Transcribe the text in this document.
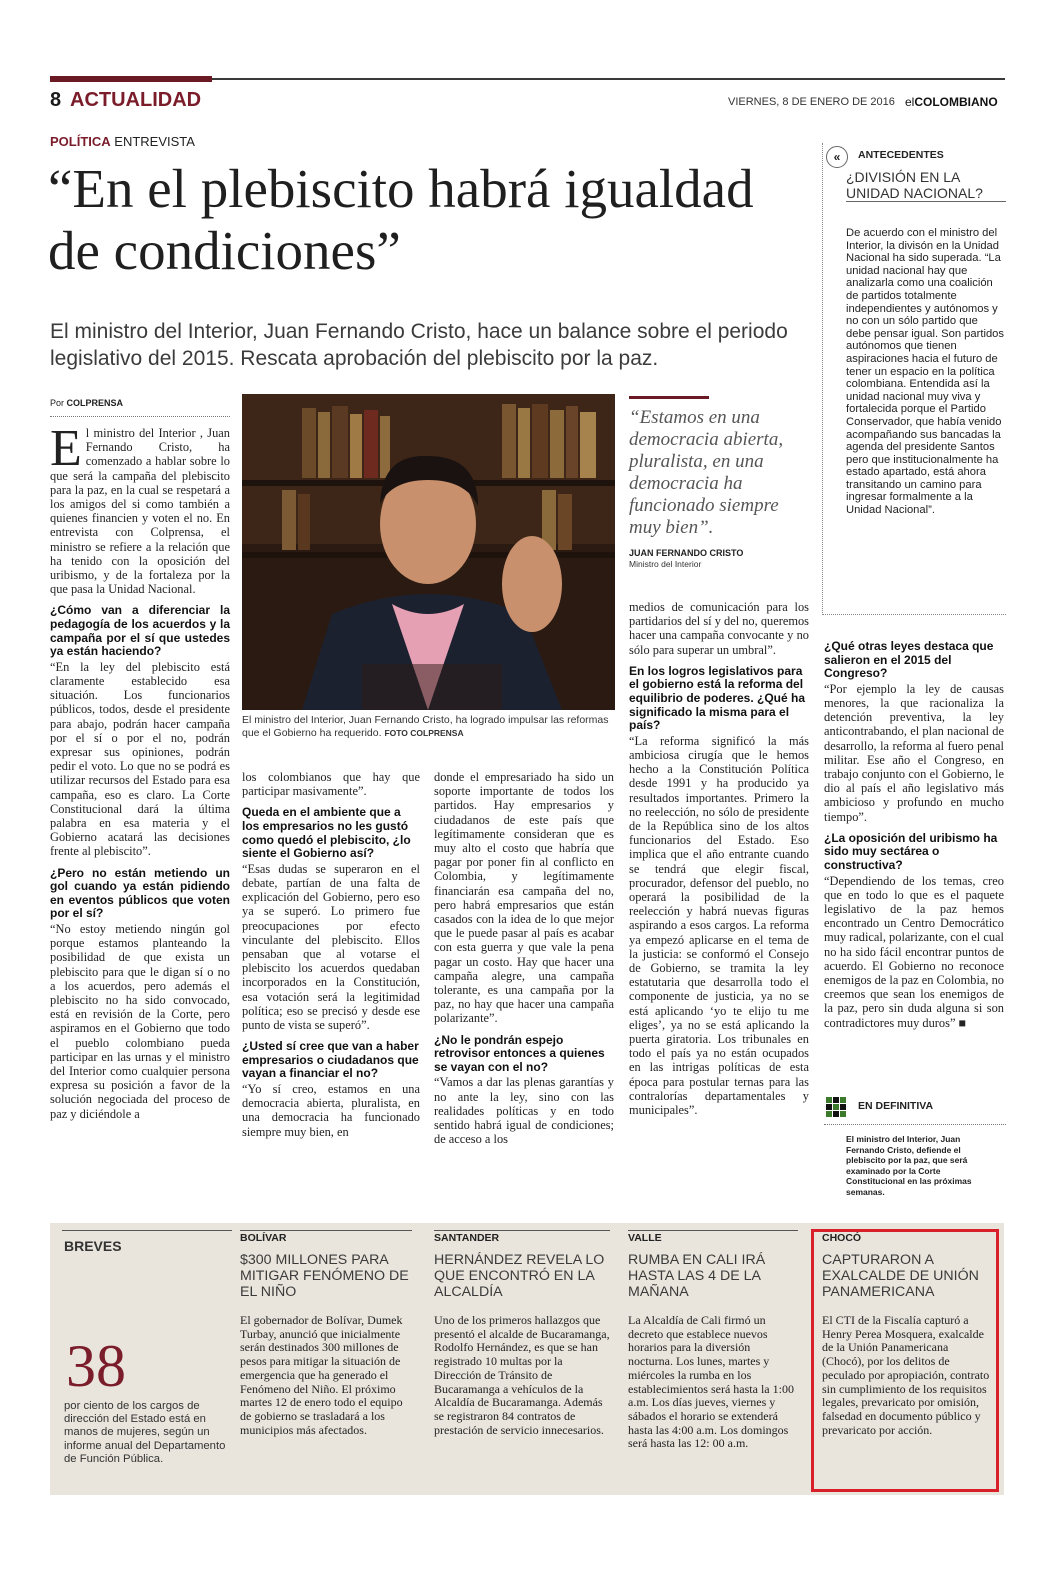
8 ACTUALIDAD	VIERNES, 8 DE ENERO DE 2016 elCOLOMBIANO
POLÍTICA ENTREVISTA
“En el plebiscito habrá igualdad de condiciones”

El ministro del Interior, Juan Fernando Cristo, hace un balance sobre el periodo legislativo del 2015. Rescata aprobación del plebiscito por la paz.

Por COLPRENSA

El ministro del Interior , Juan Fernando Cristo, ha comenzado a hablar sobre lo que será la campaña del plebiscito para la paz, en la cual se respetará a los amigos del si como también a quienes financien y voten el no. En entrevista con Colprensa, el ministro se refiere a la relación que ha tenido con la oposición del uribismo, y de la fortaleza por la que pasa la Unidad Nacional.

¿Cómo van a diferenciar la pedagogía de los acuerdos y la campaña por el sí que ustedes ya están haciendo?

“En la ley del plebiscito está claramente establecido esa situación. Los funcionarios públicos, todos, desde el presidente para abajo, podrán hacer campaña por el sí o por el no, podrán expresar sus opiniones, podrán pedir el voto. Lo que no se podrá es utilizar recursos del Estado para esa campaña, eso es claro. La Corte Constitucional dará la última palabra en esa materia y el Gobierno acatará las decisiones frente al plebiscito”.

¿Pero no están metiendo un gol cuando ya están pidiendo en eventos públicos que voten por el sí?

“No estoy metiendo ningún gol porque estamos planteando la posibilidad de que exista un plebiscito para que le digan sí o no a los acuerdos, pero además el plebiscito no ha sido convocado, está en revisión de la Corte, pero aspiramos en el Gobierno que todo el pueblo colombiano pueda participar en las urnas y el ministro del Interior como cualquier persona expresa su posición a favor de la solución negociada del proceso de paz y diciéndole a

El ministro del Interior, Juan Fernando Cristo, ha logrado impulsar las reformas que el Gobierno ha requerido. FOTO COLPRENSA

los colombianos que hay que participar masivamente”.

Queda en el ambiente que a los empresarios no les gustó como quedó el plebiscito, ¿lo siente el Gobierno así?

“Esas dudas se superaron en el debate, partían de una falta de explicación del Gobierno, pero eso ya se superó. Lo primero fue preocupaciones por efecto vinculante del plebiscito. Ellos pensaban que al votarse el plebiscito los acuerdos quedaban incorporados en la Constitución, esa votación será la legitimidad política; eso se precisó y desde ese punto de vista se superó”.

¿Usted sí cree que van a haber empresarios o ciudadanos que vayan a financiar el no?

“Yo sí creo, estamos en una democracia abierta, pluralista, en una democracia ha funcionado siempre muy bien, en

donde el empresariado ha sido un soporte importante de todos los partidos. Hay empresarios y ciudadanos de este país que legítimamente consideran que es muy alto el costo que habría que pagar por poner fin al conflicto en Colombia, y legítimamente financiarán esa campaña del no, pero habrá empresarios que están casados con la idea de lo que mejor que le puede pasar al país es acabar con esta guerra y que vale la pena pagar un costo. Hay que hacer una campaña alegre, una campaña tolerante, es una campaña por la paz, no hay que hacer una campaña polarizante”.

¿No le pondrán espejo retrovisor entonces a quienes se vayan con el no?

“Vamos a dar las plenas garantías y no ante la ley, sino con las realidades políticas y en todo sentido habrá igual de condiciones; de acceso a los

“Estamos en una democracia abierta, pluralista, en una democracia ha funcionado siempre muy bien”.

JUAN FERNANDO CRISTO
Ministro del Interior

medios de comunicación para los partidarios del sí y del no, queremos hacer una campaña convocante y no sólo para superar un umbral”.

En los logros legislativos para el gobierno está la reforma del equilibrio de poderes. ¿Qué ha significado la misma para el país?

“La reforma significó la más ambiciosa cirugía que le hemos hecho a la Constitución Política desde 1991 y ha producido ya resultados importantes. Primero la no reelección, no sólo de presidente de la República sino de los altos funcionarios del Estado. Eso implica que el año entrante cuando se tendrá que elegir fiscal, procurador, defensor del pueblo, no operará la posibilidad de la reelección y habrá nuevas figuras aspirando a esos cargos. La reforma ya empezó aplicarse en el tema de la justicia: se conformó el Consejo de Gobierno, se tramita la ley estatutaria que desarrolla todo el componente de justicia, ya no se está aplicando ‘yo te elijo tu me eliges’, ya no se está aplicando la puerta giratoria. Los tribunales en todo el país ya no están ocupados en las intrigas políticas de esta época para postular ternas para las contralorías departamentales y municipales”.

«	ANTECEDENTES
¿DIVISIÓN EN LA UNIDAD NACIONAL?

De acuerdo con el ministro del Interior, la divisón en la Unidad Nacional ha sido superada. “La unidad nacional hay que analizarla como una coalición de partidos totalmente independientes y autónomos y no con un sólo partido que debe pensar igual. Son partidos autónomos que tienen aspiraciones hacia el futuro de tener un espacio en la política colombiana. Entendida así la unidad nacional muy viva y fortalecida porque el Partido Conservador, que había venido acompañando sus bancadas la agenda del presidente Santos pero que institucionalmente ha estado apartado, está ahora transitando un camino para ingresar formalmente a la Unidad Nacional”.

¿Qué otras leyes destaca que salieron en el 2015 del Congreso?

“Por ejemplo la ley de causas menores, la que racionaliza la detención preventiva, la ley anticontrabando, el plan nacional de desarrollo, la reforma al fuero penal militar. Ese año el Congreso, en trabajo conjunto con el Gobierno, le dio al país el año legislativo más ambicioso y profundo en mucho tiempo”.

¿La oposición del uribismo ha sido muy sectárea o constructiva?

“Dependiendo de los temas, creo que en todo lo que es el paquete legislativo de la paz hemos encontrado un Centro Democrático muy radical, polarizante, con el cual no ha sido fácil encontrar puntos de acuerdo. El Gobierno no reconoce enemigos de la paz en Colombia, no creemos que sean los enemigos de la paz, pero sin duda alguna si son contradictores muy duros” ■

EN DEFINITIVA

El ministro del Interior, Juan Fernando Cristo, defiende el plebiscito por la paz, que será examinado por la Corte Constitucional en las próximas semanas.

BREVES
38

por ciento de los cargos de dirección del Estado está en manos de mujeres, según un informe anual del Departamento de Función Pública.

BOLÍVAR
$300 MILLONES PARA MITIGAR FENÓMENO DE EL NIÑO

El gobernador de Bolívar, Dumek Turbay, anunció que inicialmente serán destinados 300 millones de pesos para mitigar la situación de emergencia que ha generado el Fenómeno del Niño. El próximo martes 12 de enero todo el equipo de gobierno se trasladará a los municipios más afectados.

SANTANDER
HERNÁNDEZ REVELA LO QUE ENCONTRÓ EN LA ALCALDÍA

Uno de los primeros hallazgos que presentó el alcalde de Bucaramanga, Rodolfo Hernández, es que se han registrado 10 multas por la Dirección de Tránsito de Bucaramanga a vehículos de la Alcaldía de Bucaramanga. Además se registraron 84 contratos de prestación de servicio innecesarios.

VALLE
RUMBA EN CALI IRÁ HASTA LAS 4 DE LA MAÑANA

La Alcaldía de Cali firmó un decreto que establece nuevos horarios para la diversión nocturna. Los lunes, martes y miércoles la rumba en los establecimientos será hasta la 1:00 a.m. Los días jueves, viernes y sábados el horario se extenderá hasta las 4:00 a.m. Los domingos será hasta las 12: 00 a.m.

CHOCÓ
CAPTURARON A EXALCALDE DE UNIÓN PANAMERICANA

El CTI de la Fiscalía capturó a Henry Perea Mosquera, exalcalde de la Unión Panamericana (Chocó), por los delitos de peculado por apropiación, contrato sin cumplimiento de los requisitos legales, prevaricato por omisión, falsedad en documento público y prevaricato por acción.
